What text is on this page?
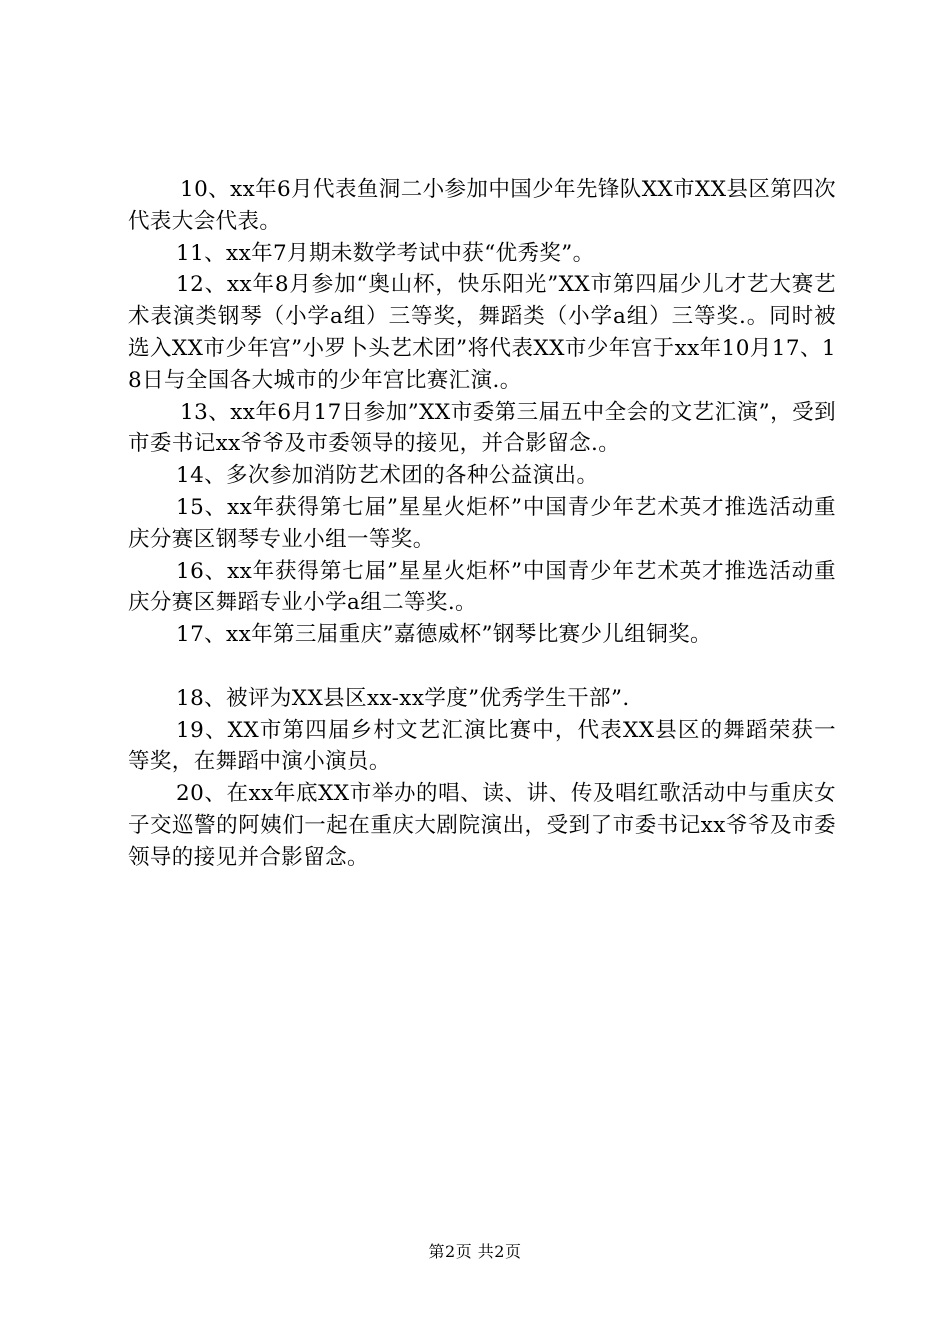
10、xx年6月代表鱼洞二小参加中国少年先锋队XX市XX县区第四次代表大会代表。

11、xx年7月期未数学考试中获“优秀奖”。

12、xx年8月参加“奥山杯，快乐阳光”XX市第四届少儿才艺大赛艺术表演类钢琴（小学a组）三等奖，舞蹈类（小学a组）三等奖.。同时被选入XX市少年宫”小罗卜头艺术团”将代表XX市少年宫于xx年10月17、18日与全国各大城市的少年宫比赛汇演.。

13、xx年6月17日参加”XX市委第三届五中全会的文艺汇演”，受到市委书记xx爷爷及市委领导的接见，并合影留念.。

14、多次参加消防艺术团的各种公益演出。

15、xx年获得第七届”星星火炬杯”中国青少年艺术英才推选活动重庆分赛区钢琴专业小组一等奖。

16、xx年获得第七届”星星火炬杯”中国青少年艺术英才推选活动重庆分赛区舞蹈专业小学a组二等奖.。

17、xx年第三届重庆”嘉德威杯”钢琴比赛少儿组铜奖。

18、被评为XX县区xx-xx学度”优秀学生干部”.

19、XX市第四届乡村文艺汇演比赛中，代表XX县区的舞蹈荣获一等奖，在舞蹈中演小演员。

20、在xx年底XX市举办的唱、读、讲、传及唱红歌活动中与重庆女子交巡警的阿姨们一起在重庆大剧院演出，受到了市委书记xx爷爷及市委领导的接见并合影留念。

第2页 共2页
